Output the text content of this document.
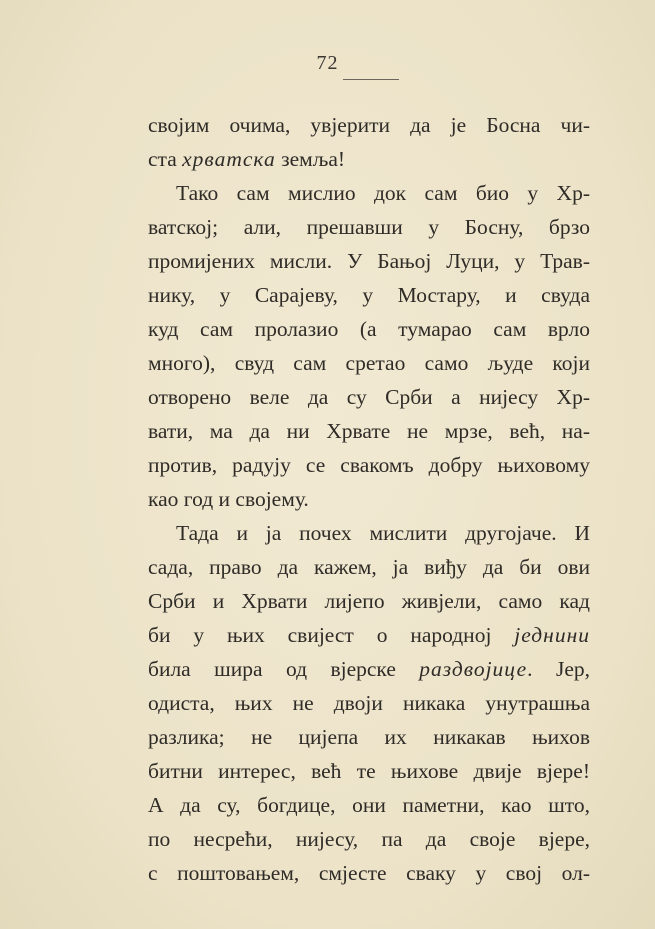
72
својим очима, увјерити да је Босна чи-
ста хрватска земља!
Тако сам мислио док сам био у Хр-
ватској; али, прешавши у Босну, брзо
промијених мисли. У Бањој Луци, у Трав-
нику, у Сарајеву, у Мостару, и свуда
куд сам пролазио (а тумарао сам врло
много), свуд сам сретао само људе који
отворено веле да су Срби а нијесу Хр-
вати, ма да ни Хрвате не мрзе, већ, на-
против, радују се свакомъ добру њиховому
као год и своjему.
Тада и ја почех мислити другојаче. И
сада, право да кажем, ја виђу да би ови
Срби и Хрвати лијепо живјели, само кад
би у њих свијест о народној једнини
била шира од вјерске раздвојице. Јер,
одиста, њих не двоји никака унутрашња
разлика; не цијепа их никакав њихов
битни интерес, већ те њихове двије вјере!
А да су, богдице, они паметни, као што,
по несрећи, нијесу, па да своје вјере,
с поштовањем, смјесте сваку у свој ол-
